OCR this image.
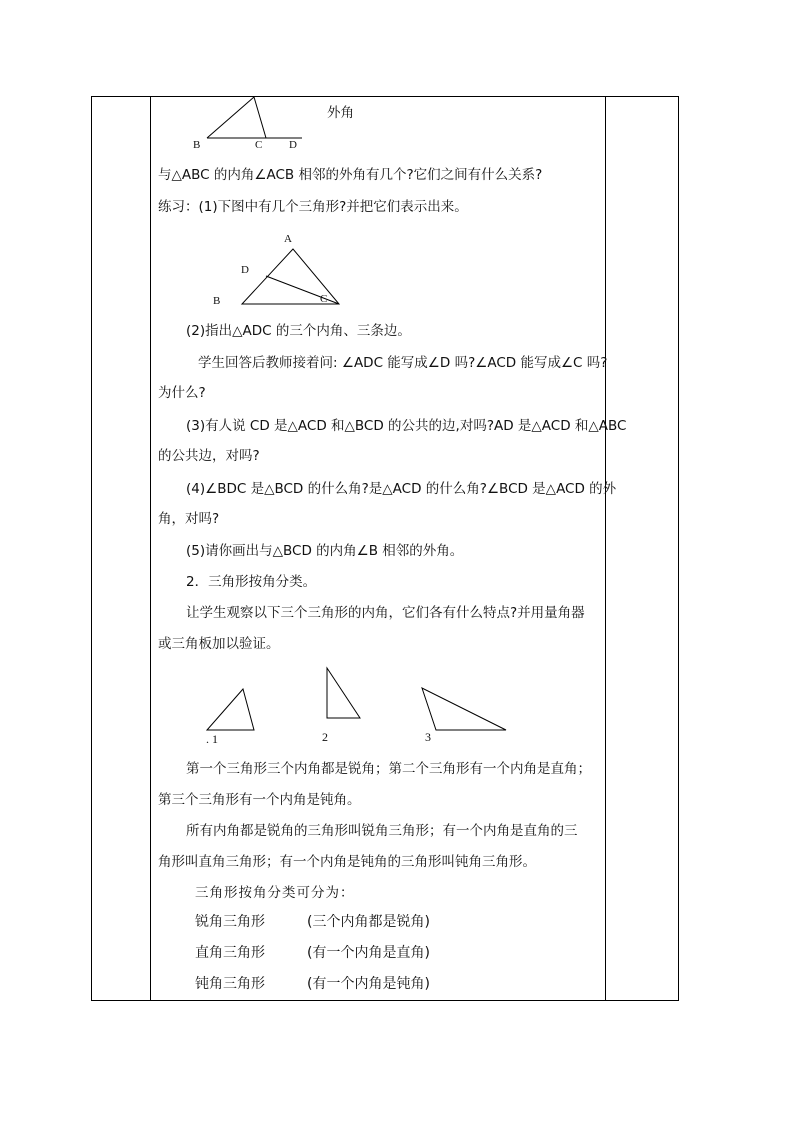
B	C D
外角
与△ABC 的内角∠ACB 相邻的外角有几个?它们之间有什么关系?
练习：(1)下图中有几个三角形?并把它们表示出来。
A
D
B	C
(2)指出△ADC 的三个内角、三条边。
学生回答后教师接着问: ∠ADC 能写成∠D 吗?∠ACD 能写成∠C 吗?
为什么?
(3)有人说 CD 是△ACD 和△BCD 的公共的边,对吗?AD 是△ACD 和△ABC
的公共边，对吗?
(4)∠BDC 是△BCD 的什么角?是△ACD 的什么角?∠BCD 是△ACD 的外
角，对吗?
(5)请你画出与△BCD 的内角∠B 相邻的外角。
2．三角形按角分类。
让学生观察以下三个三角形的内角，它们各有什么特点?并用量角器
或三角板加以验证。
. 1	2	3
第一个三角形三个内角都是锐角；第二个三角形有一个内角是直角；
第三个三角形有一个内角是钝角。
所有内角都是锐角的三角形叫锐角三角形；有一个内角是直角的三
角形叫直角三角形；有一个内角是钝角的三角形叫钝角三角形。
三角形按角分类可分为：
锐角三角形	(三个内角都是锐角)
直角三角形	(有一个内角是直角)
钝角三角形	(有一个内角是钝角)
